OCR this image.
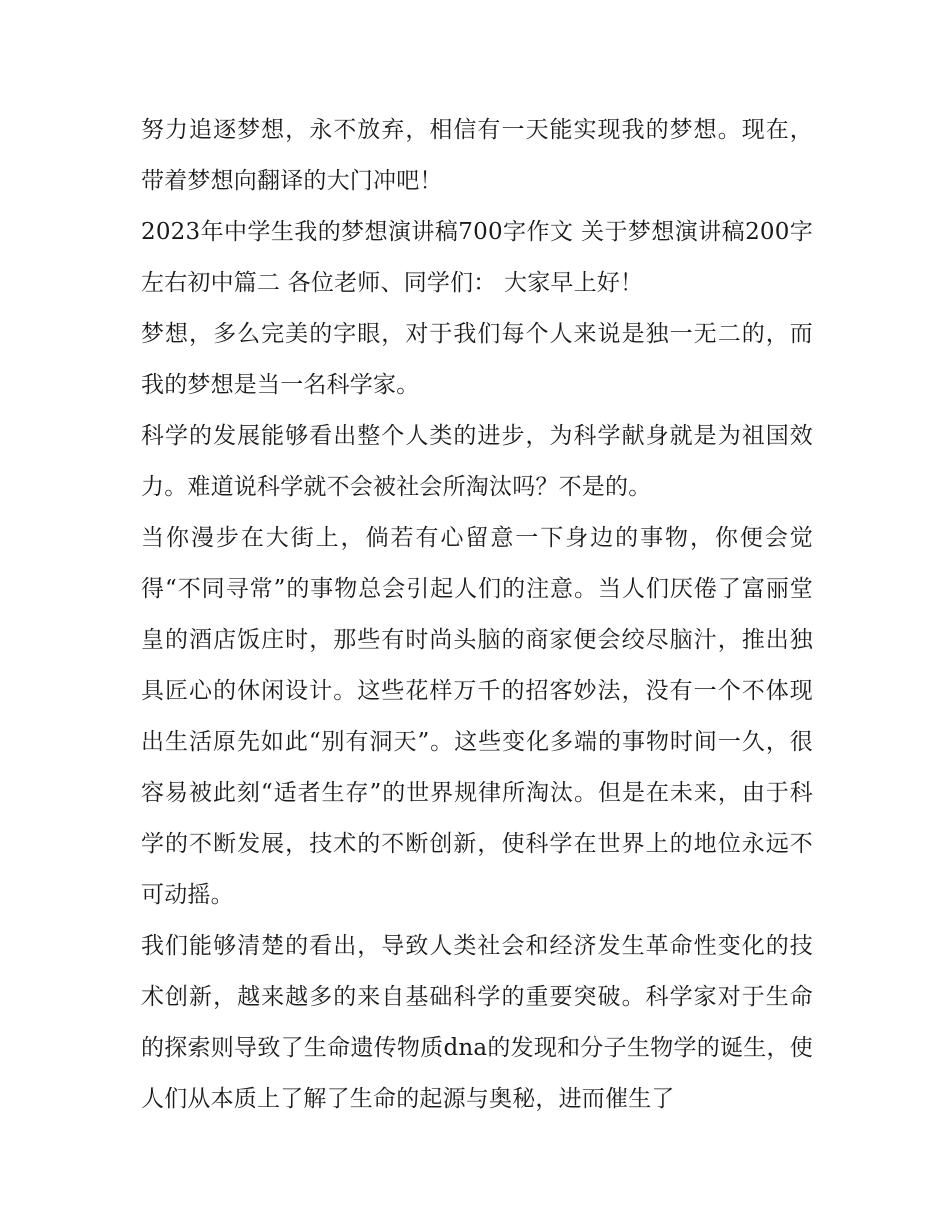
努力追逐梦想，永不放弃，相信有一天能实现我的梦想。现在，带着梦想向翻译的大门冲吧！

2023年中学生我的梦想演讲稿700字作文 关于梦想演讲稿200字左右初中篇二 各位老师、同学们： 大家早上好！

梦想，多么完美的字眼，对于我们每个人来说是独一无二的，而我的梦想是当一名科学家。

科学的发展能够看出整个人类的进步，为科学献身就是为祖国效力。难道说科学就不会被社会所淘汰吗？不是的。

当你漫步在大街上，倘若有心留意一下身边的事物，你便会觉得“不同寻常”的事物总会引起人们的注意。当人们厌倦了富丽堂皇的酒店饭庄时，那些有时尚头脑的商家便会绞尽脑汁，推出独具匠心的休闲设计。这些花样万千的招客妙法，没有一个不体现出生活原先如此“别有洞天”。这些变化多端的事物时间一久，很容易被此刻“适者生存”的世界规律所淘汰。但是在未来，由于科学的不断发展，技术的不断创新，使科学在世界上的地位永远不可动摇。

我们能够清楚的看出，导致人类社会和经济发生革命性变化的技术创新，越来越多的来自基础科学的重要突破。科学家对于生命的探索则导致了生命遗传物质dna的发现和分子生物学的诞生，使人们从本质上了解了生命的起源与奥秘，进而催生了
